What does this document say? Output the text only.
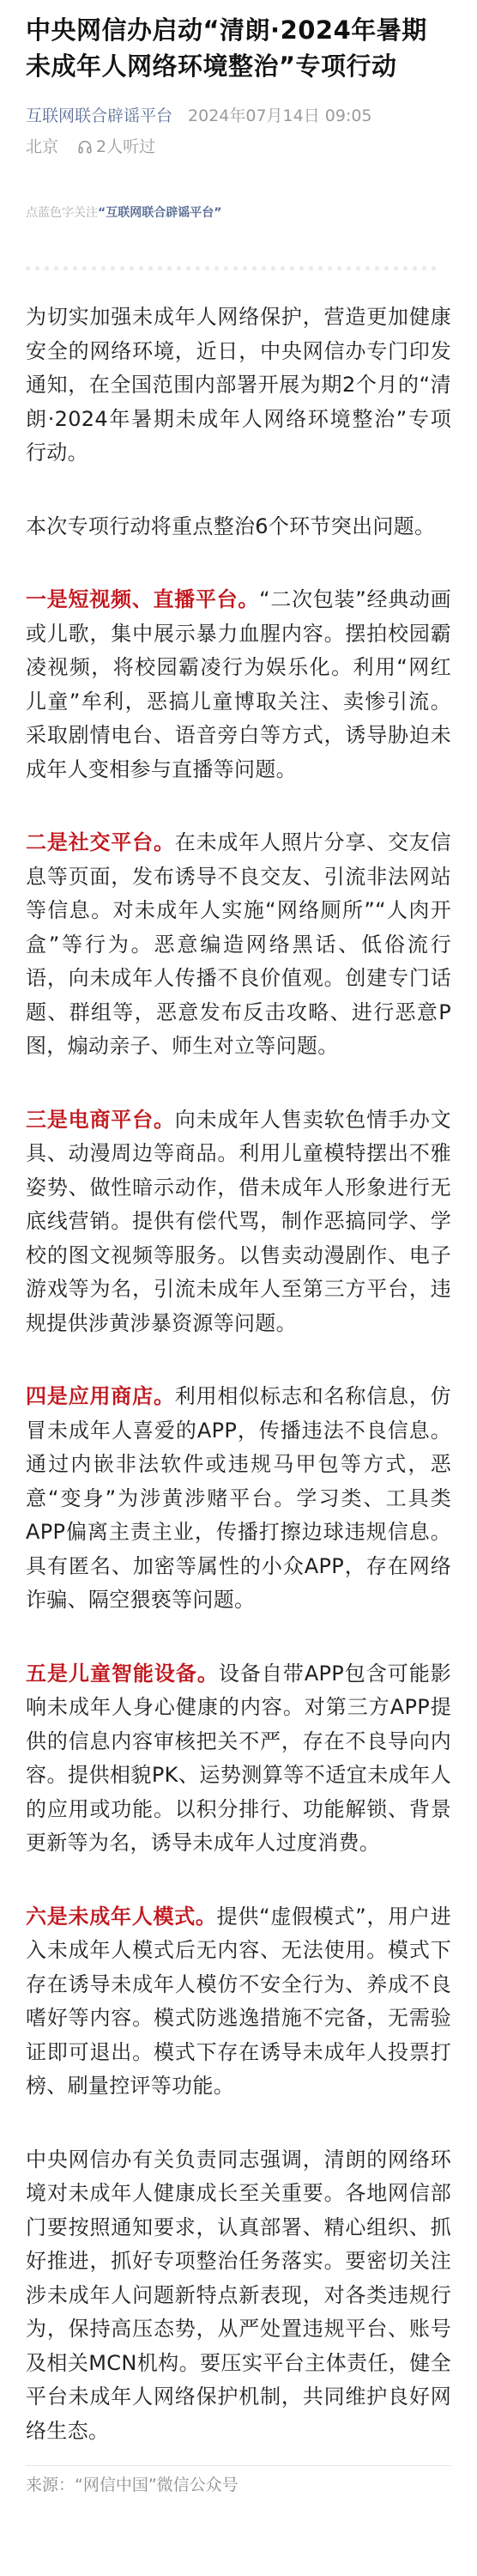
中央网信办启动“清朗·2024年暑期未成年人网络环境整治”专项行动
互联网联合辟谣平台 2024年07月14日 09:05
北京 2人听过
点蓝色字关注“互联网联合辟谣平台”

为切实加强未成年人网络保护，营造更加健康安全的网络环境，近日，中央网信办专门印发通知，在全国范围内部署开展为期2个月的“清朗·2024年暑期未成年人网络环境整治”专项行动。

本次专项行动将重点整治6个环节突出问题。

一是短视频、直播平台。“二次包装”经典动画或儿歌，集中展示暴力血腥内容。摆拍校园霸凌视频，将校园霸凌行为娱乐化。利用“网红儿童”牟利，恶搞儿童博取关注、卖惨引流。采取剧情电台、语音旁白等方式，诱导胁迫未成年人变相参与直播等问题。

二是社交平台。在未成年人照片分享、交友信息等页面，发布诱导不良交友、引流非法网站等信息。对未成年人实施“网络厕所”“人肉开盒”等行为。恶意编造网络黑话、低俗流行语，向未成年人传播不良价值观。创建专门话题、群组等，恶意发布反击攻略、进行恶意P图，煽动亲子、师生对立等问题。

三是电商平台。向未成年人售卖软色情手办文具、动漫周边等商品。利用儿童模特摆出不雅姿势、做性暗示动作，借未成年人形象进行无底线营销。提供有偿代骂，制作恶搞同学、学校的图文视频等服务。以售卖动漫剧作、电子游戏等为名，引流未成年人至第三方平台，违规提供涉黄涉暴资源等问题。

四是应用商店。利用相似标志和名称信息，仿冒未成年人喜爱的APP，传播违法不良信息。通过内嵌非法软件或违规马甲包等方式，恶意“变身”为涉黄涉赌平台。学习类、工具类APP偏离主责主业，传播打擦边球违规信息。具有匿名、加密等属性的小众APP，存在网络诈骗、隔空猥亵等问题。

五是儿童智能设备。设备自带APP包含可能影响未成年人身心健康的内容。对第三方APP提供的信息内容审核把关不严，存在不良导向内容。提供相貌PK、运势测算等不适宜未成年人的应用或功能。以积分排行、功能解锁、背景更新等为名，诱导未成年人过度消费。

六是未成年人模式。提供“虚假模式”，用户进入未成年人模式后无内容、无法使用。模式下存在诱导未成年人模仿不安全行为、养成不良嗜好等内容。模式防逃逸措施不完备，无需验证即可退出。模式下存在诱导未成年人投票打榜、刷量控评等功能。

中央网信办有关负责同志强调，清朗的网络环境对未成年人健康成长至关重要。各地网信部门要按照通知要求，认真部署、精心组织、抓好推进，抓好专项整治任务落实。要密切关注涉未成年人问题新特点新表现，对各类违规行为，保持高压态势，从严处置违规平台、账号及相关MCN机构。要压实平台主体责任，健全平台未成年人网络保护机制，共同维护良好网络生态。

来源：“网信中国”微信公众号
